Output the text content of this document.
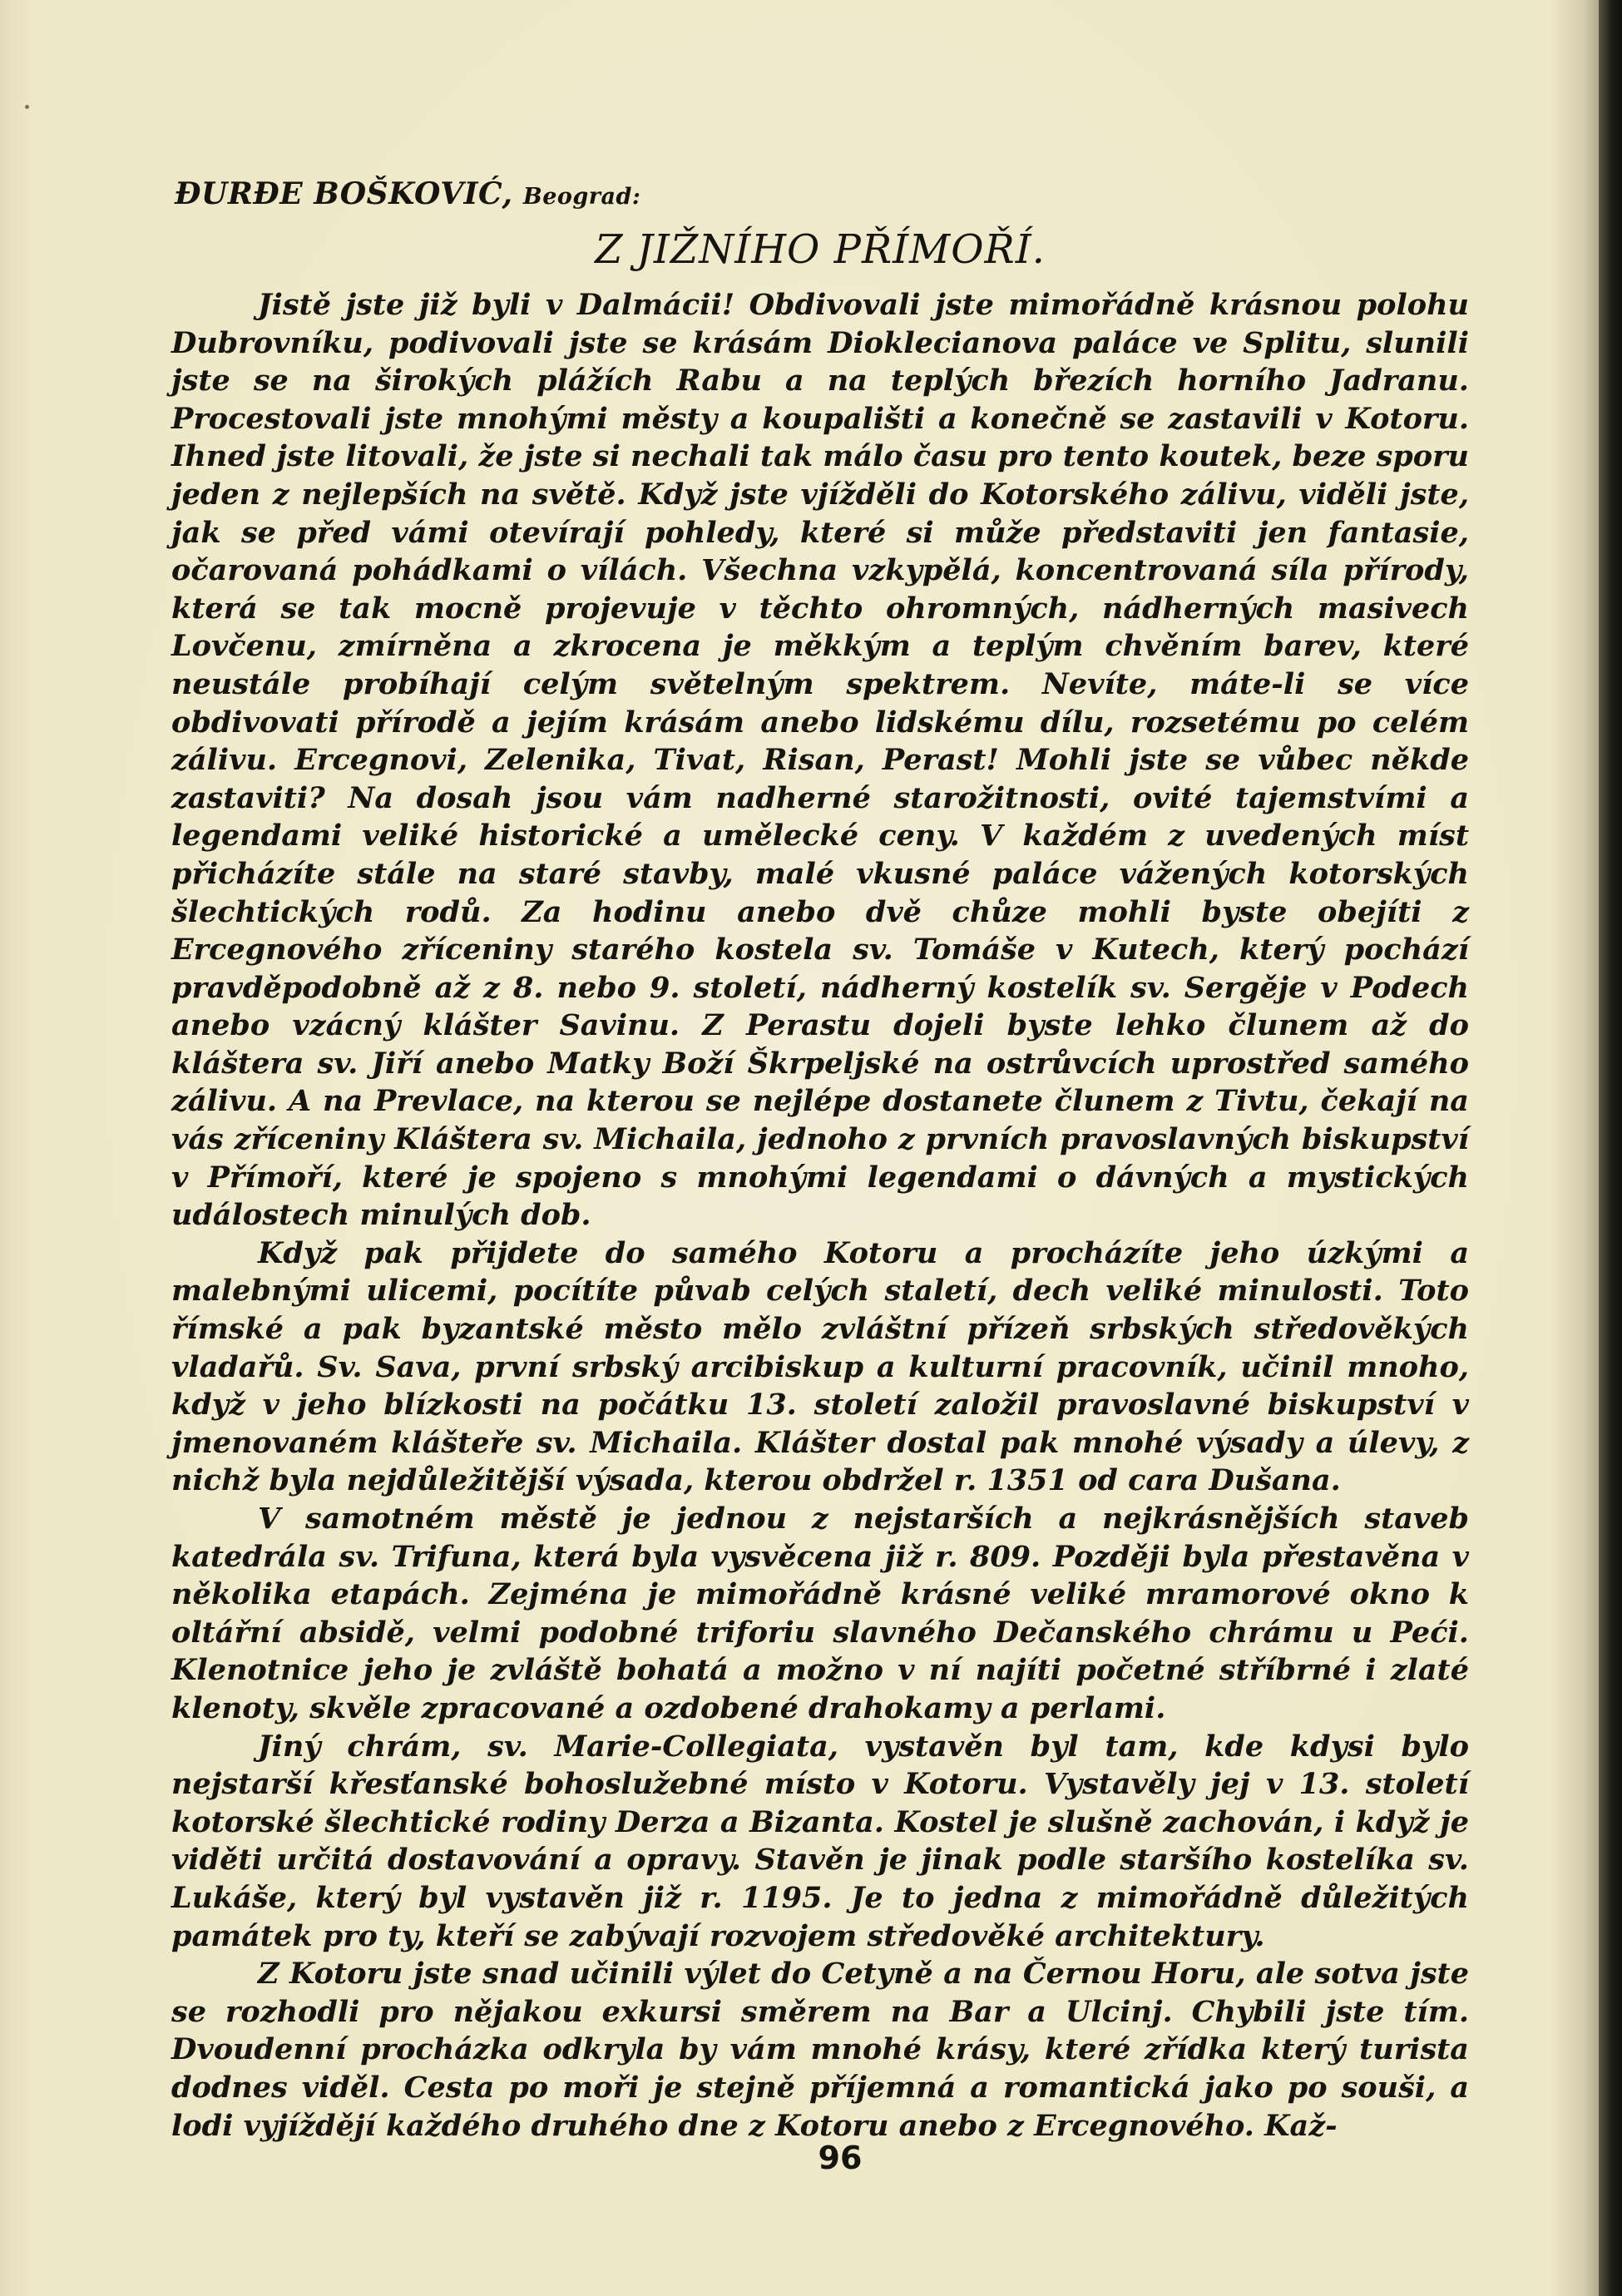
ĐURĐE BOŠKOVIĆ, Beograd:
Z JIŽNÍHO PŘÍMOŘÍ.

Jistě jste již byli v Dalmácii! Obdivovali jste mimořádně krásnou polohu Dubrovníku, podivovali jste se krásám Dioklecianova paláce ve Splitu, slunili jste se na širokých plážích Rabu a na teplých březích horního Jadranu. Procestovali jste mnohými městy a koupališti a konečně se zastavili v Kotoru. Ihned jste litovali, že jste si nechali tak málo času pro tento koutek, beze sporu jeden z nejlepších na světě. Když jste vjížděli do Kotorského zálivu, viděli jste, jak se před vámi otevírají pohledy, které si může představiti jen fantasie, očarovaná pohádkami o vílách. Všechna vzkypělá, koncentrovaná síla přírody, která se tak mocně projevuje v těchto ohromných, nádherných masivech Lovčenu, zmírněna a zkrocena je měkkým a teplým chvěním barev, které neustále probíhají celým světelným spektrem. Nevíte, máte-li se více obdivovati přírodě a jejím krásám anebo lidskému dílu, rozsetému po celém zálivu. Ercegnovi, Zelenika, Tivat, Risan, Perast! Mohli jste se vůbec někde zastaviti? Na dosah jsou vám nadherné starožitnosti, ovité tajemstvími a legendami veliké historické a umělecké ceny. V každém z uvedených míst přicházíte stále na staré stavby, malé vkusné paláce vážených kotorských šlechtických rodů. Za hodinu anebo dvě chůze mohli byste obejíti z Ercegnového zříceniny starého kostela sv. Tomáše v Kutech, který pochází pravděpodobně až z 8. nebo 9. století, nádherný kostelík sv. Sergěje v Podech anebo vzácný klášter Savinu. Z Perastu dojeli byste lehko člunem až do kláštera sv. Jiří anebo Matky Boží Škrpeljské na ostrůvcích uprostřed samého zálivu. A na Prevlace, na kterou se nejlépe dostanete člunem z Tivtu, čekají na vás zříceniny Kláštera sv. Michaila, jednoho z prvních pravoslavných biskupství v Přímoří, které je spojeno s mnohými legendami o dávných a mystických událostech minulých dob.

Když pak přijdete do samého Kotoru a procházíte jeho úzkými a malebnými ulicemi, pocítíte půvab celých staletí, dech veliké minulosti. Toto římské a pak byzantské město mělo zvláštní přízeň srbských středověkých vladařů. Sv. Sava, první srbský arcibiskup a kulturní pracovník, učinil mnoho, když v jeho blízkosti na počátku 13. století založil pravoslavné biskupství v jmenovaném klášteře sv. Michaila. Klášter dostal pak mnohé výsady a úlevy, z nichž byla nejdůležitější výsada, kterou obdržel r. 1351 od cara Dušana.

V samotném městě je jednou z nejstarších a nejkrásnějších staveb katedrála sv. Trifuna, která byla vysvěcena již r. 809. Později byla přestavěna v několika etapách. Zejména je mimořádně krásné veliké mramorové okno k oltářní absidě, velmi podobné triforiu slavného Dečanského chrámu u Peći. Klenotnice jeho je zvláště bohatá a možno v ní najíti početné stříbrné i zlaté klenoty, skvěle zpracované a ozdobené drahokamy a perlami.

Jiný chrám, sv. Marie-Collegiata, vystavěn byl tam, kde kdysi bylo nejstarší křesťanské bohoslužebné místo v Kotoru. Vystavěly jej v 13. století kotorské šlechtické rodiny Derza a Bizanta. Kostel je slušně zachován, i když je viděti určitá dostavování a opravy. Stavěn je jinak podle staršího kostelíka sv. Lukáše, který byl vystavěn již r. 1195. Je to jedna z mimořádně důležitých památek pro ty, kteří se zabývají rozvojem středověké architektury.

Z Kotoru jste snad učinili výlet do Cetyně a na Černou Horu, ale sotva jste se rozhodli pro nějakou exkursi směrem na Bar a Ulcinj. Chybili jste tím. Dvoudenní procházka odkryla by vám mnohé krásy, které zřídka který turista dodnes viděl. Cesta po moři je stejně příjemná a romantická jako po souši, a lodi vyjíždějí každého druhého dne z Kotoru anebo z Ercegnového. Kaž-

96
